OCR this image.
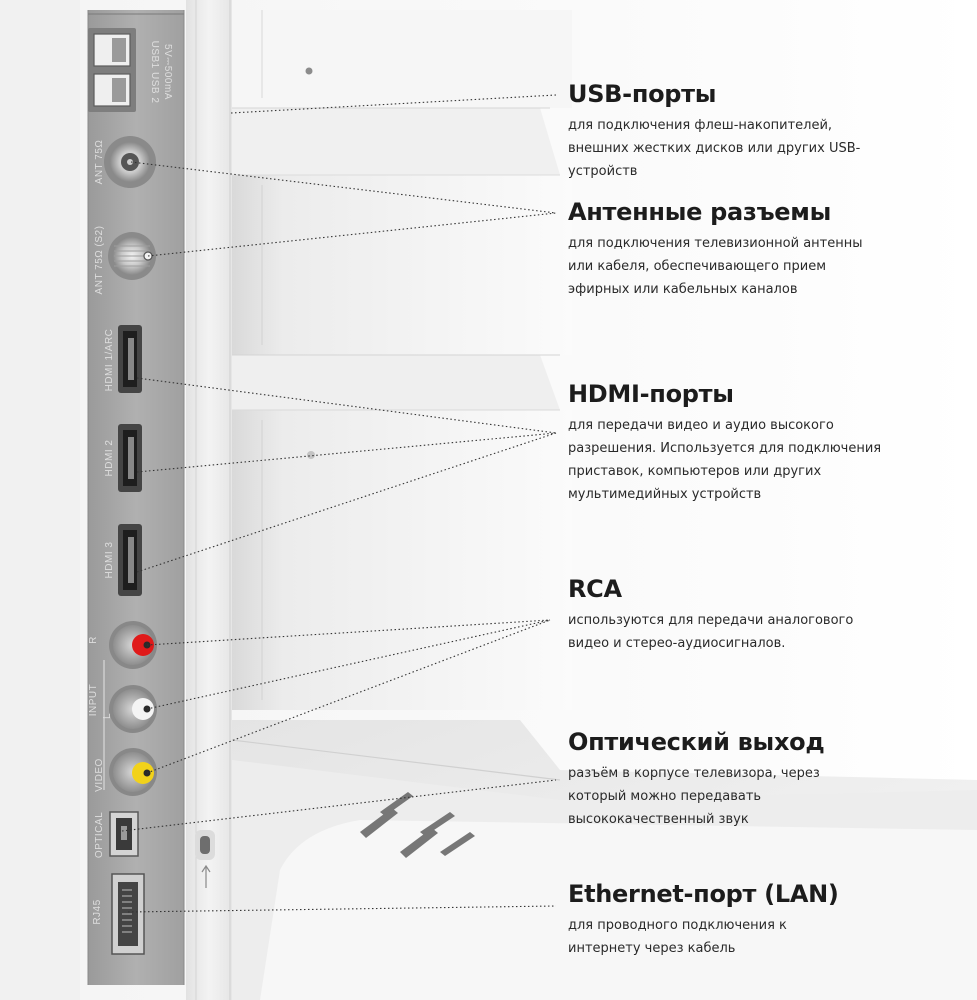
USB1 USB 2 5V⎓500mA
ANT 75Ω
ANT 75Ω (S2)
HDMI 1/ARC
HDMI 2
HDMI 3
R
INPUT L
VIDEO
OPTICAL
RJ45
USB-порты

для подключения флеш-накопителей, внешних жестких дисков или других USB-устройств

Антенные разъемы

для подключения телевизионной антенны или кабеля, обеспечивающего прием эфирных или кабельных каналов

HDMI-порты

для передачи видео и аудио высокого разрешения. Используется для подключения приставок, компьютеров или других мультимедийных устройств

RCA

используются для передачи аналогового видео и стерео-аудиосигналов.

Оптический выход

разъём в корпусе телевизора, через который можно передавать высококачественный звук

Ethernet-порт (LAN)

для проводного подключения к интернету через кабель
